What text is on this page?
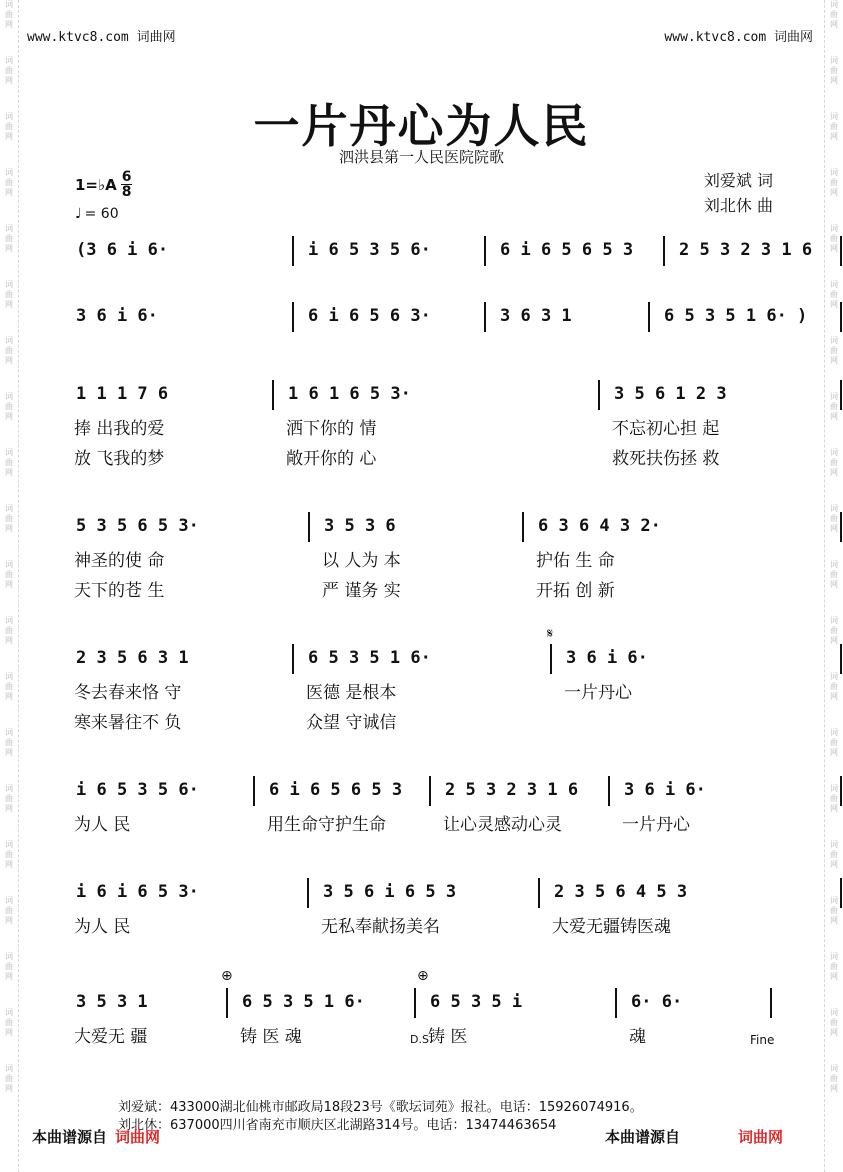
词
曲
网
词
曲
网
词
曲
网
词
曲
网
词
曲
网
词
曲
网
词
曲
网
词
曲
网
词
曲
网
词
曲
网
词
曲
网
词
曲
网
词
曲
网
词
曲
网
词
曲
网
词
曲
网
词
曲
网
词
曲
网
词
曲
网
词
曲
网
词
曲
网
词
曲
网
词
曲
网
词
曲
网
词
曲
网
词
曲
网
词
曲
网
词
曲
网
词
曲
网
词
曲
网
词
曲
网
词
曲
网
词
曲
网
词
曲
网
词
曲
网
词
曲
网
词
曲
网
词
曲
网
词
曲
网
词
曲
网
www.ktvc8.com 词曲网	www.ktvc8.com 词曲网
一片丹心为人民
泗洪县第一人民医院院歌
刘爱斌 词
刘北休 曲
1=♭A $\frac{6}{8}$
♩ = 60
(3 6 i 6·	i 6 5 3 5 6·	6 i 6 5 6 5 3	2 5 3 2 3 1 6
3 6 i 6·	6 i 6 5 6 3·	3 6 3 1	6 5 3 5 1 6· )
1 1 1 7 6	1 6 1 6 5 3·	3 5 6 1 2 3
捧 出我的爱	洒下你的 情	不忘初心担 起
放 飞我的梦	敞开你的 心	救死扶伤拯 救
5 3 5 6 5 3·	3 5 3 6	6 3 6 4 3 2·
神圣的使 命	以 人为 本	护佑 生 命
天下的苍 生	严 谨务 实	开拓 创 新
2 3 5 6 3 1	6 5 3 5 1 6·	3 6 i 6·
冬去春来恪 守	医德 是根本	一片丹心
寒来暑往不 负	众望 守诚信
i 6 5 3 5 6·	6 i 6 5 6 5 3	2 5 3 2 3 1 6	3 6 i 6·
为人 民	用生命守护生命	让心灵感动心灵	一片丹心
i 6 i 6 5 3·	3 5 6 i 6 5 3	2 3 5 6 4 5 3
为人 民	无私奉献扬美名	大爱无疆铸医魂
3 5 3 1	6 5 3 5 1 6·	6 5 3 5 i	6· 6·
大爱无 疆	铸 医 魂	铸 医	魂
𝄋
⊕	⊕
D.S.	Fine
刘爱斌：433000湖北仙桃市邮政局18段23号《歌坛词苑》报社。电话：15926074916。
刘北休：637000四川省南充市顺庆区北湖路314号。电话：13474463654
本曲谱源自 词曲网	本曲谱源自	词曲网
